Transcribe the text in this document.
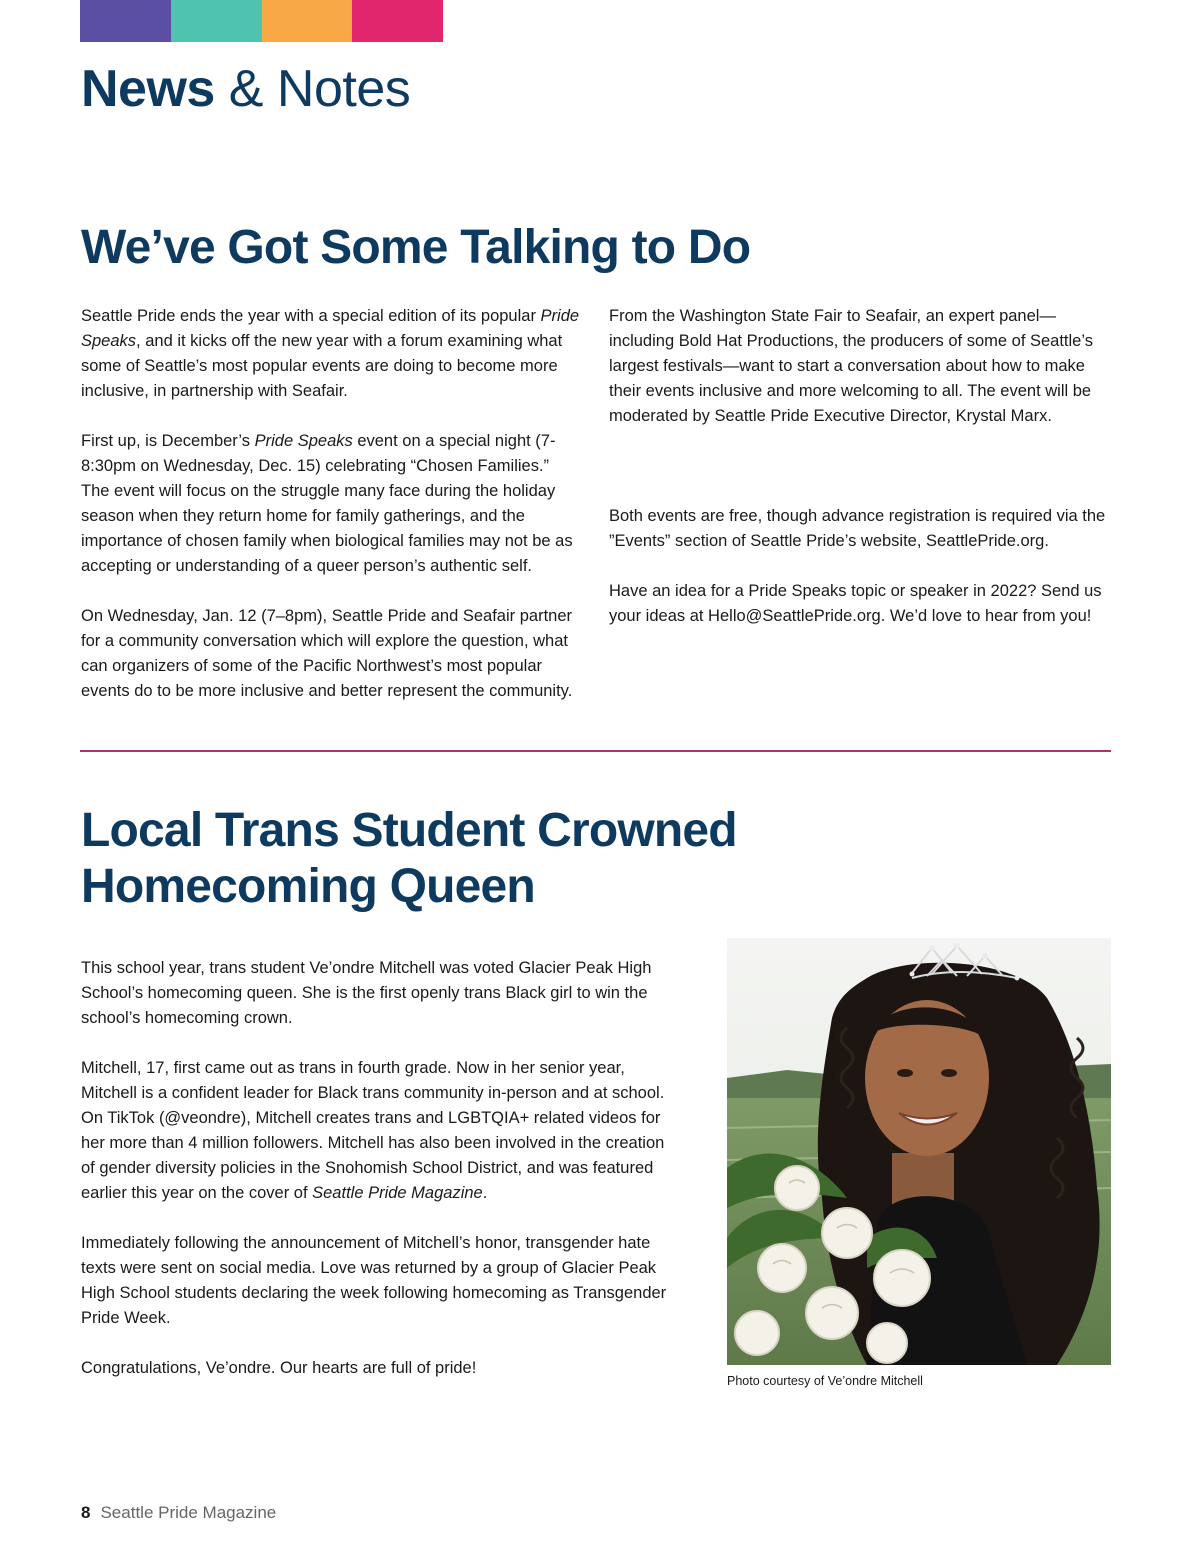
News & Notes
We’ve Got Some Talking to Do

Seattle Pride ends the year with a special edition of its popular Pride Speaks, and it kicks off the new year with a forum examining what some of Seattle’s most popular events are doing to become more inclusive, in partnership with Seafair.

First up, is December’s Pride Speaks event on a special night (7-8:30pm on Wednesday, Dec. 15) celebrating “Chosen Families.” The event will focus on the struggle many face during the holiday season when they return home for family gatherings, and the importance of chosen family when biological families may not be as accepting or understanding of a queer person’s authentic self.

On Wednesday, Jan. 12 (7–8pm), Seattle Pride and Seafair partner for a community conversation which will explore the question, what can organizers of some of the Pacific Northwest’s most popular events do to be more inclusive and better represent the community.

From the Washington State Fair to Seafair, an expert panel—including Bold Hat Productions, the producers of some of Seattle’s largest festivals—want to start a conversation about how to make their events inclusive and more welcoming to all. The event will be moderated by Seattle Pride Executive Director, Krystal Marx.

Both events are free, though advance registration is required via the ”Events” section of Seattle Pride’s website, SeattlePride.org.

Have an idea for a Pride Speaks topic or speaker in 2022? Send us your ideas at Hello@SeattlePride.org. We’d love to hear from you!

Local Trans Student Crowned
Homecoming Queen

This school year, trans student Ve’ondre Mitchell was voted Glacier Peak High School’s homecoming queen. She is the first openly trans Black girl to win the school’s homecoming crown.

Mitchell, 17, first came out as trans in fourth grade. Now in her senior year, Mitchell is a confident leader for Black trans community in-person and at school. On TikTok (@veondre), Mitchell creates trans and LGBTQIA+ related videos for her more than 4 million followers. Mitchell has also been involved in the creation of gender diversity policies in the Snohomish School District, and was featured earlier this year on the cover of Seattle Pride Magazine.

Immediately following the announcement of Mitchell’s honor, transgender hate texts were sent on social media. Love was returned by a group of Glacier Peak High School students declaring the week following homecoming as Transgender Pride Week.

Congratulations, Ve’ondre. Our hearts are full of pride!

Photo courtesy of Ve’ondre Mitchell
8 Seattle Pride Magazine
